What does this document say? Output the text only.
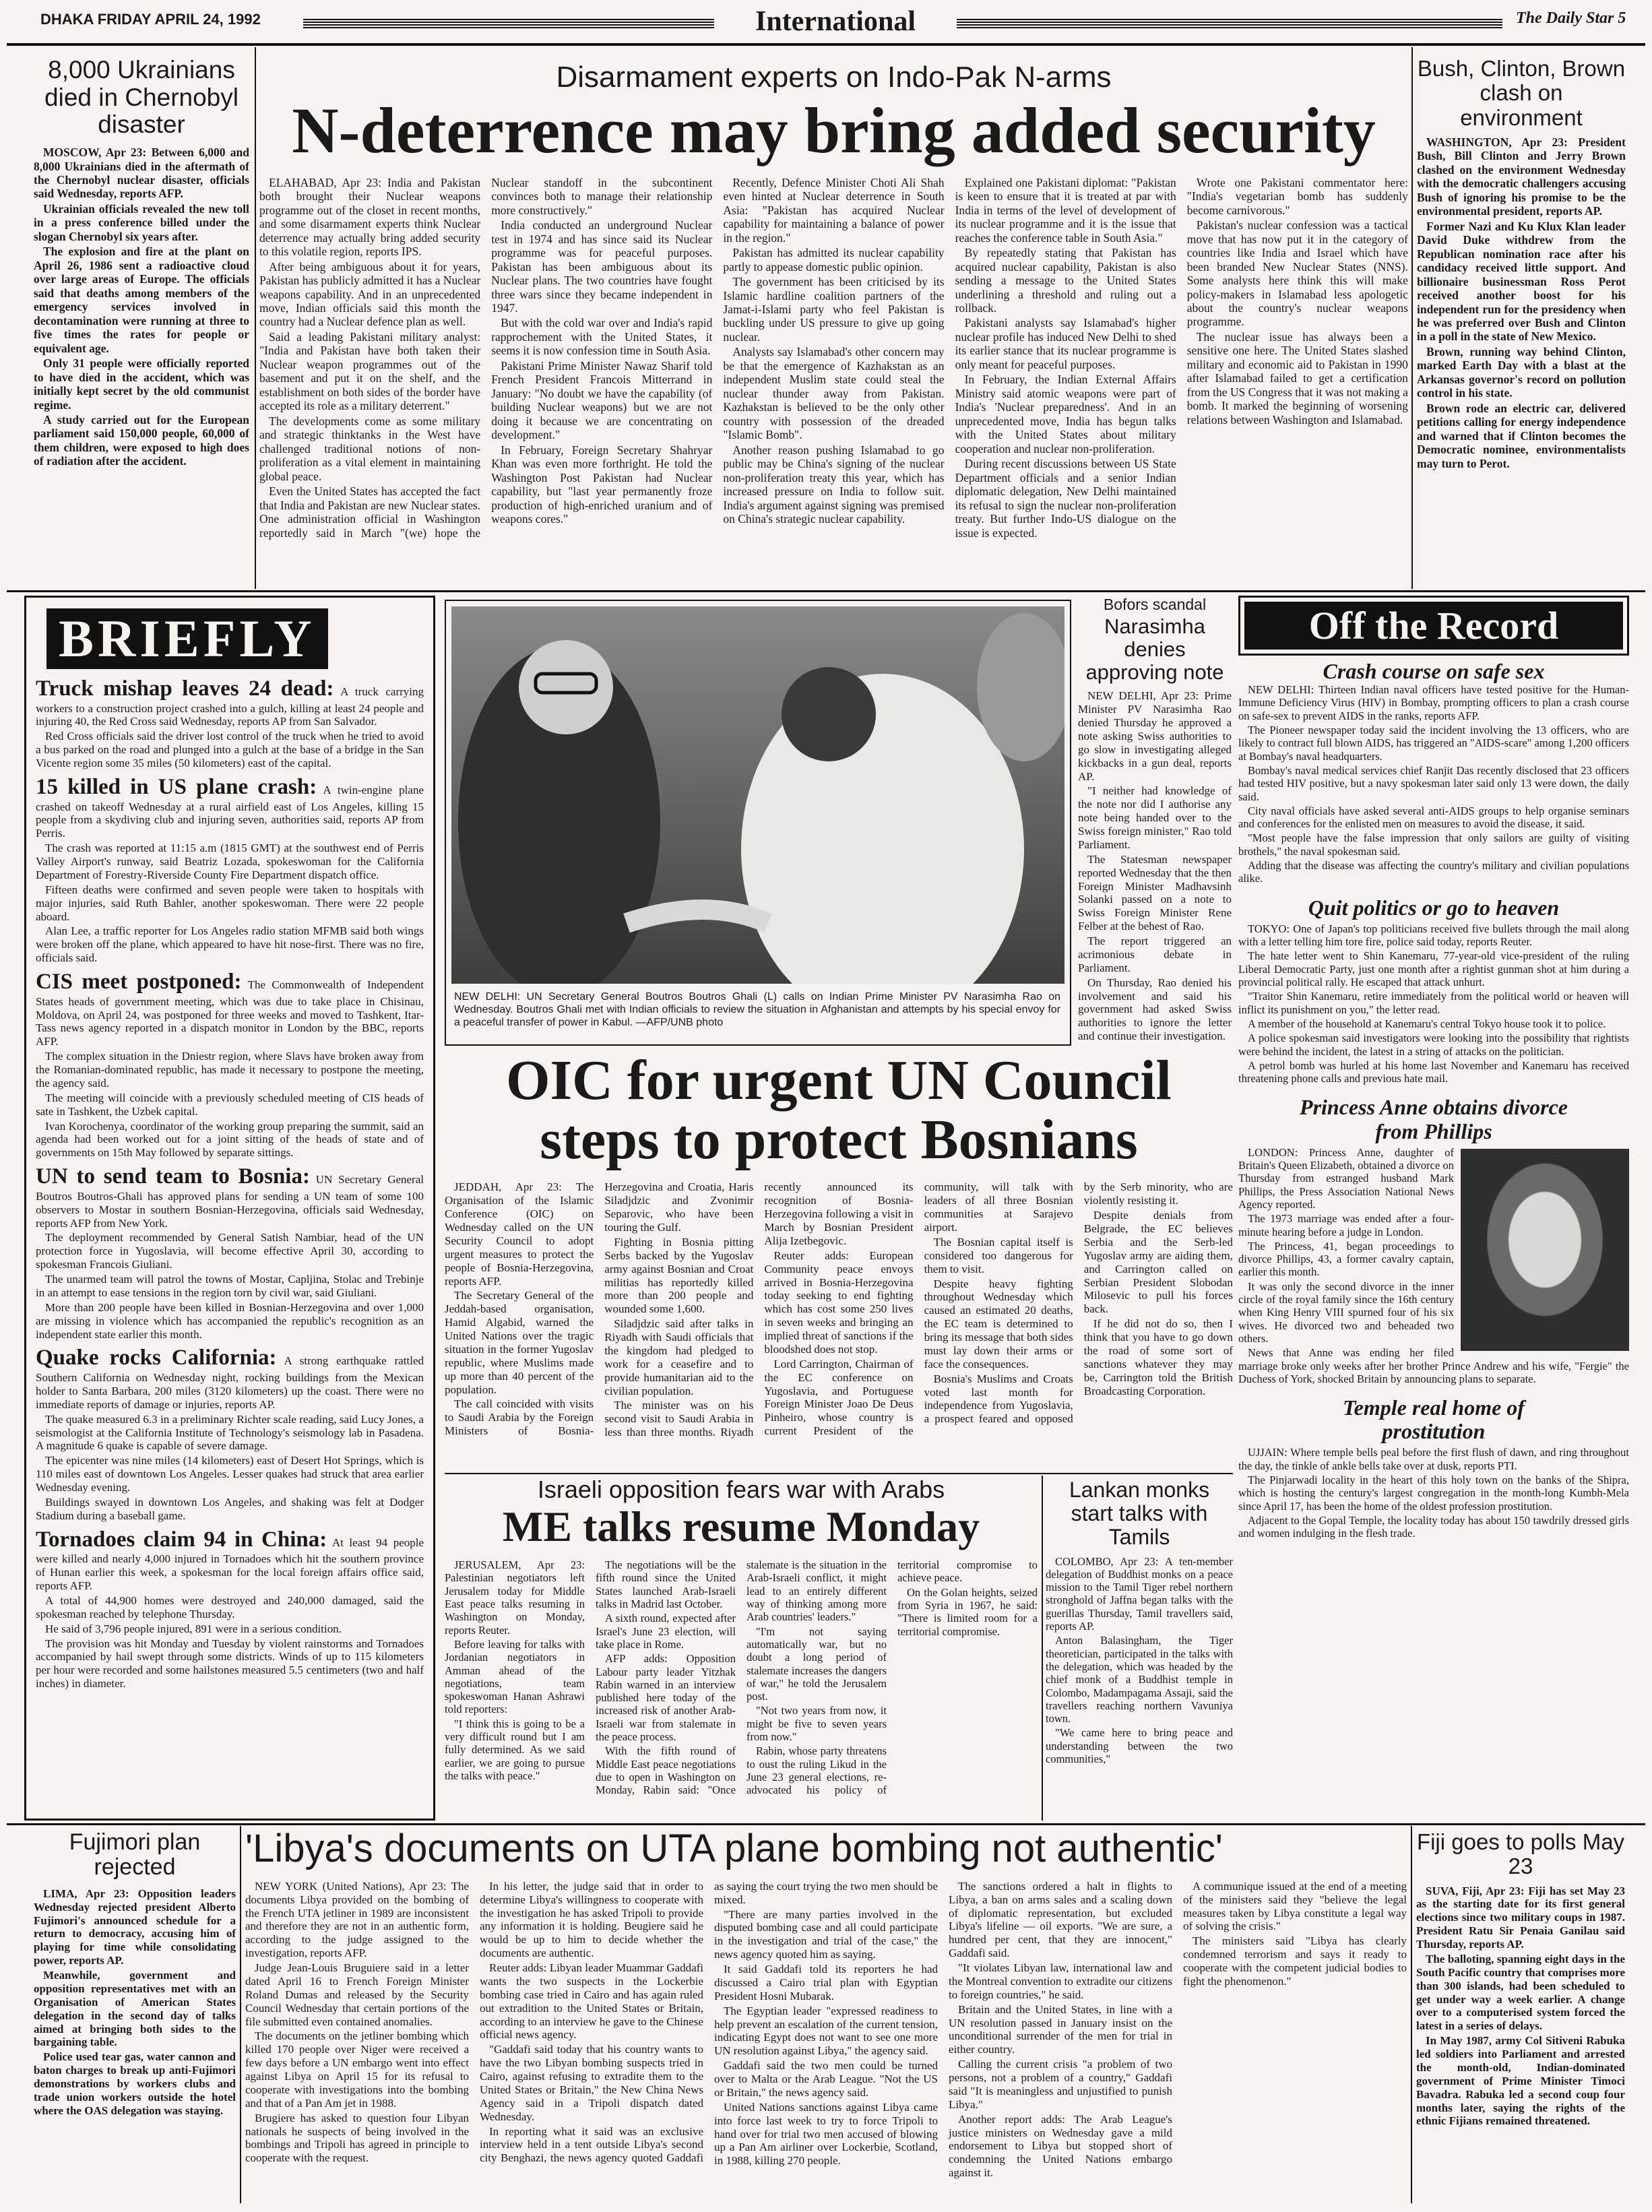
DHAKA FRIDAY APRIL 24, 1992	International	The Daily Star 5
8,000 Ukrainians died in Chernobyl disaster

MOSCOW, Apr 23: Between 6,000 and 8,000 Ukrainians died in the aftermath of the Chernobyl nuclear disaster, officials said Wednesday, reports AFP.

Ukrainian officials revealed the new toll in a press conference billed under the slogan Chernobyl six years after.

The explosion and fire at the plant on April 26, 1986 sent a radioactive cloud over large areas of Europe. The officials said that deaths among members of the emergency services involved in decontamination were running at three to five times the rates for people or equivalent age.

Only 31 people were officially reported to have died in the accident, which was initially kept secret by the old communist regime.

A study carried out for the European parliament said 150,000 people, 60,000 of them children, were exposed to high does of radiation after the accident.

Disarmament experts on Indo-Pak N-arms
N-deterrence may bring added security

ELAHABAD, Apr 23: India and Pakistan both brought their Nuclear weapons programme out of the closet in recent months, and some disarmament experts think Nuclear deterrence may actually bring added security to this volatile region, reports IPS.

After being ambiguous about it for years, Pakistan has publicly admitted it has a Nuclear weapons capability. And in an unprecedented move, Indian officials said this month the country had a Nuclear defence plan as well.

Said a leading Pakistani military analyst: "India and Pakistan have both taken their Nuclear weapon programmes out of the basement and put it on the shelf, and the establishment on both sides of the border have accepted its role as a military deterrent."

The developments come as some military and strategic thinktanks in the West have challenged traditional notions of non-proliferation as a vital element in maintaining global peace.

Even the United States has accepted the fact that India and Pakistan are new Nuclear states. One administration official in Washington reportedly said in March "(we) hope the Nuclear standoff in the subcontinent convinces both to manage their relationship more constructively."

India conducted an underground Nuclear test in 1974 and has since said its Nuclear programme was for peaceful purposes. Pakistan has been ambiguous about its Nuclear plans. The two countries have fought three wars since they became independent in 1947.

But with the cold war over and India's rapid rapprochement with the United States, it seems it is now confession time in South Asia.

Pakistani Prime Minister Nawaz Sharif told French President Francois Mitterrand in January: "No doubt we have the capability (of building Nuclear weapons) but we are not doing it because we are concentrating on development."

In February, Foreign Secretary Shahryar Khan was even more forthright. He told the Washington Post Pakistan had Nuclear capability, but "last year permanently froze production of high-enriched uranium and of weapons cores."

Recently, Defence Minister Choti Ali Shah even hinted at Nuclear deterrence in South Asia: "Pakistan has acquired Nuclear capability for maintaining a balance of power in the region."

Pakistan has admitted its nuclear capability partly to appease domestic public opinion.

The government has been criticised by its Islamic hardline coalition partners of the Jamat-i-Islami party who feel Pakistan is buckling under US pressure to give up going nuclear.

Analysts say Islamabad's other concern may be that the emergence of Kazhakstan as an independent Muslim state could steal the nuclear thunder away from Pakistan. Kazhakstan is believed to be the only other country with possession of the dreaded "Islamic Bomb".

Another reason pushing Islamabad to go public may be China's signing of the nuclear non-proliferation treaty this year, which has increased pressure on India to follow suit. India's argument against signing was premised on China's strategic nuclear capability.

Explained one Pakistani diplomat: "Pakistan is keen to ensure that it is treated at par with India in terms of the level of development of its nuclear programme and it is the issue that reaches the conference table in South Asia."

By repeatedly stating that Pakistan has acquired nuclear capability, Pakistan is also sending a message to the United States underlining a threshold and ruling out a rollback.

Pakistani analysts say Islamabad's higher nuclear profile has induced New Delhi to shed its earlier stance that its nuclear programme is only meant for peaceful purposes.

In February, the Indian External Affairs Ministry said atomic weapons were part of India's 'Nuclear preparedness'. And in an unprecedented move, India has begun talks with the United States about military cooperation and nuclear non-proliferation.

During recent discussions between US State Department officials and a senior Indian diplomatic delegation, New Delhi maintained its refusal to sign the nuclear non-proliferation treaty. But further Indo-US dialogue on the issue is expected.

Wrote one Pakistani commentator here: "India's vegetarian bomb has suddenly become carnivorous."

Pakistan's nuclear confession was a tactical move that has now put it in the category of countries like India and Israel which have been branded New Nuclear States (NNS). Some analysts here think this will make policy-makers in Islamabad less apologetic about the country's nuclear weapons programme.

The nuclear issue has always been a sensitive one here. The United States slashed military and economic aid to Pakistan in 1990 after Islamabad failed to get a certification from the US Congress that it was not making a bomb. It marked the beginning of worsening relations between Washington and Islamabad.

Bush, Clinton, Brown clash on environment

WASHINGTON, Apr 23: President Bush, Bill Clinton and Jerry Brown clashed on the environment Wednesday with the democratic challengers accusing Bush of ignoring his promise to be the environmental president, reports AP.

Former Nazi and Ku Klux Klan leader David Duke withdrew from the Republican nomination race after his candidacy received little support. And billionaire businessman Ross Perot received another boost for his independent run for the presidency when he was preferred over Bush and Clinton in a poll in the state of New Mexico.

Brown, running way behind Clinton, marked Earth Day with a blast at the Arkansas governor's record on pollution control in his state.

Brown rode an electric car, delivered petitions calling for energy independence and warned that if Clinton becomes the Democratic nominee, environmentalists may turn to Perot.

BRIEFLY

Truck mishap leaves 24 dead: A truck carrying workers to a construction project crashed into a gulch, killing at least 24 people and injuring 40, the Red Cross said Wednesday, reports AP from San Salvador.

Red Cross officials said the driver lost control of the truck when he tried to avoid a bus parked on the road and plunged into a gulch at the base of a bridge in the San Vicente region some 35 miles (50 kilometers) east of the capital.

15 killed in US plane crash: A twin-engine plane crashed on takeoff Wednesday at a rural airfield east of Los Angeles, killing 15 people from a skydiving club and injuring seven, authorities said, reports AP from Perris.

The crash was reported at 11:15 a.m (1815 GMT) at the southwest end of Perris Valley Airport's runway, said Beatriz Lozada, spokeswoman for the California Department of Forestry-Riverside County Fire Department dispatch office.

Fifteen deaths were confirmed and seven people were taken to hospitals with major injuries, said Ruth Bahler, another spokeswoman. There were 22 people aboard.

Alan Lee, a traffic reporter for Los Angeles radio station MFMB said both wings were broken off the plane, which appeared to have hit nose-first. There was no fire, officials said.

CIS meet postponed: The Commonwealth of Independent States heads of government meeting, which was due to take place in Chisinau, Moldova, on April 24, was postponed for three weeks and moved to Tashkent, Itar-Tass news agency reported in a dispatch monitor in London by the BBC, reports AFP.

The complex situation in the Dniestr region, where Slavs have broken away from the Romanian-dominated republic, has made it necessary to postpone the meeting, the agency said.

The meeting will coincide with a previously scheduled meeting of CIS heads of sate in Tashkent, the Uzbek capital.

Ivan Korochenya, coordinator of the working group preparing the summit, said an agenda had been worked out for a joint sitting of the heads of state and of governments on 15th May followed by separate sittings.

UN to send team to Bosnia: UN Secretary General Boutros Boutros-Ghali has approved plans for sending a UN team of some 100 observers to Mostar in southern Bosnian-Herzegovina, officials said Wednesday, reports AFP from New York.

The deployment recommended by General Satish Nambiar, head of the UN protection force in Yugoslavia, will become effective April 30, according to spokesman Francois Giuliani.

The unarmed team will patrol the towns of Mostar, Capljina, Stolac and Trebinje in an attempt to ease tensions in the region torn by civil war, said Giuliani.

More than 200 people have been killed in Bosnian-Herzegovina and over 1,000 are missing in violence which has accompanied the republic's recognition as an independent state earlier this month.

Quake rocks California: A strong earthquake rattled Southern California on Wednesday night, rocking buildings from the Mexican holder to Santa Barbara, 200 miles (3120 kilometers) up the coast. There were no immediate reports of damage or injuries, reports AP.

The quake measured 6.3 in a preliminary Richter scale reading, said Lucy Jones, a seismologist at the California Institute of Technology's seismology lab in Pasadena. A magnitude 6 quake is capable of severe damage.

The epicenter was nine miles (14 kilometers) east of Desert Hot Springs, which is 110 miles east of downtown Los Angeles. Lesser quakes had struck that area earlier Wednesday evening.

Buildings swayed in downtown Los Angeles, and shaking was felt at Dodger Stadium during a baseball game.

Tornadoes claim 94 in China: At least 94 people were killed and nearly 4,000 injured in Tornadoes which hit the southern province of Hunan earlier this week, a spokesman for the local foreign affairs office said, reports AFP.

A total of 44,900 homes were destroyed and 240,000 damaged, said the spokesman reached by telephone Thursday.

He said of 3,796 people injured, 891 were in a serious condition.

The provision was hit Monday and Tuesday by violent rainstorms and Tornadoes accompanied by hail swept through some districts. Winds of up to 115 kilometers per hour were recorded and some hailstones measured 5.5 centimeters (two and half inches) in diameter.

NEW DELHI: UN Secretary General Boutros Boutros Ghali (L) calls on Indian Prime Minister PV Narasimha Rao on Wednesday. Boutros Ghali met with Indian officials to review the situation in Afghanistan and attempts by his special envoy for a peaceful transfer of power in Kabul. —AFP/UNB photo
Bofors scandal
Narasimha denies approving note

NEW DELHI, Apr 23: Prime Minister PV Narasimha Rao denied Thursday he approved a note asking Swiss authorities to go slow in investigating alleged kickbacks in a gun deal, reports AP.

"I neither had knowledge of the note nor did I authorise any note being handed over to the Swiss foreign minister," Rao told Parliament.

The Statesman newspaper reported Wednesday that the then Foreign Minister Madhavsinh Solanki passed on a note to Swiss Foreign Minister Rene Felber at the behest of Rao.

The report triggered an acrimonious debate in Parliament.

On Thursday, Rao denied his involvement and said his government had asked Swiss authorities to ignore the letter and continue their investigation.

Off the Record
Crash course on safe sex

NEW DELHI: Thirteen Indian naval officers have tested positive for the Human-Immune Deficiency Virus (HIV) in Bombay, prompting officers to plan a crash course on safe-sex to prevent AIDS in the ranks, reports AFP.

The Pioneer newspaper today said the incident involving the 13 officers, who are likely to contract full blown AIDS, has triggered an "AIDS-scare" among 1,200 officers at Bombay's naval headquarters.

Bombay's naval medical services chief Ranjit Das recently disclosed that 23 officers had tested HIV positive, but a navy spokesman later said only 13 were down, the daily said.

City naval officials have asked several anti-AIDS groups to help organise seminars and conferences for the enlisted men on measures to avoid the disease, it said.

"Most people have the false impression that only sailors are guilty of visiting brothels," the naval spokesman said.

Adding that the disease was affecting the country's military and civilian populations alike.

Quit politics or go to heaven

TOKYO: One of Japan's top politicians received five bullets through the mail along with a letter telling him tore fire, police said today, reports Reuter.

The hate letter went to Shin Kanemaru, 77-year-old vice-president of the ruling Liberal Democratic Party, just one month after a rightist gunman shot at him during a provincial political rally. He escaped that attack unhurt.

"Traitor Shin Kanemaru, retire immediately from the political world or heaven will inflict its punishment on you," the letter read.

A member of the household at Kanemaru's central Tokyo house took it to police.

A police spokesman said investigators were looking into the possibility that rightists were behind the incident, the latest in a string of attacks on the politician.

A petrol bomb was hurled at his home last November and Kanemaru has received threatening phone calls and previous hate mail.

Princess Anne obtains divorce from Phillips

LONDON: Princess Anne, daughter of Britain's Queen Elizabeth, obtained a divorce on Thursday from estranged husband Mark Phillips, the Press Association National News Agency reported.

The 1973 marriage was ended after a four-minute hearing before a judge in London.

The Princess, 41, began proceedings to divorce Phillips, 43, a former cavalry captain, earlier this month.

It was only the second divorce in the inner circle of the royal family since the 16th century when King Henry VIII spurned four of his six wives. He divorced two and beheaded two others.

News that Anne was ending her filed marriage broke only weeks after her brother Prince Andrew and his wife, "Fergie" the Duchess of York, shocked Britain by announcing plans to separate.

Temple real home of prostitution

UJJAIN: Where temple bells peal before the first flush of dawn, and ring throughout the day, the tinkle of ankle bells take over at dusk, reports PTI.

The Pinjarwadi locality in the heart of this holy town on the banks of the Shipra, which is hosting the century's largest congregation in the month-long Kumbh-Mela since April 17, has been the home of the oldest profession prostitution.

Adjacent to the Gopal Temple, the locality today has about 150 tawdrily dressed girls and women indulging in the flesh trade.

OIC for urgent UN Council steps to protect Bosnians

JEDDAH, Apr 23: The Organisation of the Islamic Conference (OIC) on Wednesday called on the UN Security Council to adopt urgent measures to protect the people of Bosnia-Herzegovina, reports AFP.

The Secretary General of the Jeddah-based organisation, Hamid Algabid, warned the United Nations over the tragic situation in the former Yugoslav republic, where Muslims made up more than 40 percent of the population.

The call coincided with visits to Saudi Arabia by the Foreign Ministers of Bosnia-Herzegovina and Croatia, Haris Siladjdzic and Zvonimir Separovic, who have been touring the Gulf.

Fighting in Bosnia pitting Serbs backed by the Yugoslav army against Bosnian and Croat militias has reportedly killed more than 200 people and wounded some 1,600.

Siladjdzic said after talks in Riyadh with Saudi officials that the kingdom had pledged to work for a ceasefire and to provide humanitarian aid to the civilian population.

The minister was on his second visit to Saudi Arabia in less than three months. Riyadh recently announced its recognition of Bosnia-Herzegovina following a visit in March by Bosnian President Alija Izetbegovic.

Reuter adds: European Community peace envoys arrived in Bosnia-Herzegovina today seeking to end fighting which has cost some 250 lives in seven weeks and bringing an implied threat of sanctions if the bloodshed does not stop.

Lord Carrington, Chairman of the EC conference on Yugoslavia, and Portuguese Foreign Minister Joao De Deus Pinheiro, whose country is current President of the community, will talk with leaders of all three Bosnian communities at Sarajevo airport.

The Bosnian capital itself is considered too dangerous for them to visit.

Despite heavy fighting throughout Wednesday which caused an estimated 20 deaths, the EC team is determined to bring its message that both sides must lay down their arms or face the consequences.

Bosnia's Muslims and Croats voted last month for independence from Yugoslavia, a prospect feared and opposed by the Serb minority, who are violently resisting it.

Despite denials from Belgrade, the EC believes Serbia and the Serb-led Yugoslav army are aiding them, and Carrington called on Serbian President Slobodan Milosevic to pull his forces back.

If he did not do so, then I think that you have to go down the road of some sort of sanctions whatever they may be, Carrington told the British Broadcasting Corporation.

Israeli opposition fears war with Arabs
ME talks resume Monday

JERUSALEM, Apr 23: Palestinian negotiators left Jerusalem today for Middle East peace talks resuming in Washington on Monday, reports Reuter.

Before leaving for talks with Jordanian negotiators in Amman ahead of the negotiations, team spokeswoman Hanan Ashrawi told reporters:

"I think this is going to be a very difficult round but I am fully determined. As we said earlier, we are going to pursue the talks with peace."

The negotiations will be the fifth round since the United States launched Arab-Israeli talks in Madrid last October.

A sixth round, expected after Israel's June 23 election, will take place in Rome.

AFP adds: Opposition Labour party leader Yitzhak Rabin warned in an interview published here today of the increased risk of another Arab-Israeli war from stalemate in the peace process.

With the fifth round of Middle East peace negotiations due to open in Washington on Monday, Rabin said: "Once stalemate is the situation in the Arab-Israeli conflict, it might lead to an entirely different way of thinking among more Arab countries' leaders."

"I'm not saying automatically war, but no doubt a long period of stalemate increases the dangers of war," he told the Jerusalem post.

"Not two years from now, it might be five to seven years from now."

Rabin, whose party threatens to oust the ruling Likud in the June 23 general elections, re-advocated his policy of territorial compromise to achieve peace.

On the Golan heights, seized from Syria in 1967, he said: "There is limited room for a territorial compromise.

Lankan monks start talks with Tamils

COLOMBO, Apr 23: A ten-member delegation of Buddhist monks on a peace mission to the Tamil Tiger rebel northern stronghold of Jaffna began talks with the guerillas Thursday, Tamil travellers said, reports AP.

Anton Balasingham, the Tiger theoretician, participated in the talks with the delegation, which was headed by the chief monk of a Buddhist temple in Colombo, Madampagama Assaji, said the travellers reaching northern Vavuniya town.

"We came here to bring peace and understanding between the two communities,"

Fujimori plan rejected

LIMA, Apr 23: Opposition leaders Wednesday rejected president Alberto Fujimori's announced schedule for a return to democracy, accusing him of playing for time while consolidating power, reports AP.

Meanwhile, government and opposition representatives met with an Organisation of American States delegation in the second day of talks aimed at bringing both sides to the bargaining table.

Police used tear gas, water cannon and baton charges to break up anti-Fujimori demonstrations by workers clubs and trade union workers outside the hotel where the OAS delegation was staying.

'Libya's documents on UTA plane bombing not authentic'

NEW YORK (United Nations), Apr 23: The documents Libya provided on the bombing of the French UTA jetliner in 1989 are inconsistent and therefore they are not in an authentic form, according to the judge assigned to the investigation, reports AFP.

Judge Jean-Louis Bruguiere said in a letter dated April 16 to French Foreign Minister Roland Dumas and released by the Security Council Wednesday that certain portions of the file submitted even contained anomalies.

The documents on the jetliner bombing which killed 170 people over Niger were received a few days before a UN embargo went into effect against Libya on April 15 for its refusal to cooperate with investigations into the bombing and that of a Pan Am jet in 1988.

Brugiere has asked to question four Libyan nationals he suspects of being involved in the bombings and Tripoli has agreed in principle to cooperate with the request.

In his letter, the judge said that in order to determine Libya's willingness to cooperate with the investigation he has asked Tripoli to provide any information it is holding. Beugiere said he would be up to him to decide whether the documents are authentic.

Reuter adds: Libyan leader Muammar Gaddafi wants the two suspects in the Lockerbie bombing case tried in Cairo and has again ruled out extradition to the United States or Britain, according to an interview he gave to the Chinese official news agency.

"Gaddafi said today that his country wants to have the two Libyan bombing suspects tried in Cairo, against refusing to extradite them to the United States or Britain," the New China News Agency said in a Tripoli dispatch dated Wednesday.

In reporting what it said was an exclusive interview held in a tent outside Libya's second city Benghazi, the news agency quoted Gaddafi as saying the court trying the two men should be mixed.

"There are many parties involved in the disputed bombing case and all could participate in the investigation and trial of the case," the news agency quoted him as saying.

It said Gaddafi told its reporters he had discussed a Cairo trial plan with Egyptian President Hosni Mubarak.

The Egyptian leader "expressed readiness to help prevent an escalation of the current tension, indicating Egypt does not want to see one more UN resolution against Libya," the agency said.

Gaddafi said the two men could be turned over to Malta or the Arab League. "Not the US or Britain," the news agency said.

United Nations sanctions against Libya came into force last week to try to force Tripoli to hand over for trial two men accused of blowing up a Pan Am airliner over Lockerbie, Scotland, in 1988, killing 270 people.

The sanctions ordered a halt in flights to Libya, a ban on arms sales and a scaling down of diplomatic representation, but excluded Libya's lifeline — oil exports. "We are sure, a hundred per cent, that they are innocent," Gaddafi said.

"It violates Libyan law, international law and the Montreal convention to extradite our citizens to foreign countries," he said.

Britain and the United States, in line with a UN resolution passed in January insist on the unconditional surrender of the men for trial in either country.

Calling the current crisis "a problem of two persons, not a problem of a country," Gaddafi said "It is meaningless and unjustified to punish Libya."

Another report adds: The Arab League's justice ministers on Wednesday gave a mild endorsement to Libya but stopped short of condemning the United Nations embargo against it.

A communique issued at the end of a meeting of the ministers said they "believe the legal measures taken by Libya constitute a legal way of solving the crisis."

The ministers said "Libya has clearly condemned terrorism and says it ready to cooperate with the competent judicial bodies to fight the phenomenon."

Fiji goes to polls May 23

SUVA, Fiji, Apr 23: Fiji has set May 23 as the starting date for its first general elections since two military coups in 1987. President Ratu Sir Penaia Ganilau said Thursday, reports AP.

The balloting, spanning eight days in the South Pacific country that comprises more than 300 islands, had been scheduled to get under way a week earlier. A change over to a computerised system forced the latest in a series of delays.

In May 1987, army Col Sitiveni Rabuka led soldiers into Parliament and arrested the month-old, Indian-dominated government of Prime Minister Timoci Bavadra. Rabuka led a second coup four months later, saying the rights of the ethnic Fijians remained threatened.
